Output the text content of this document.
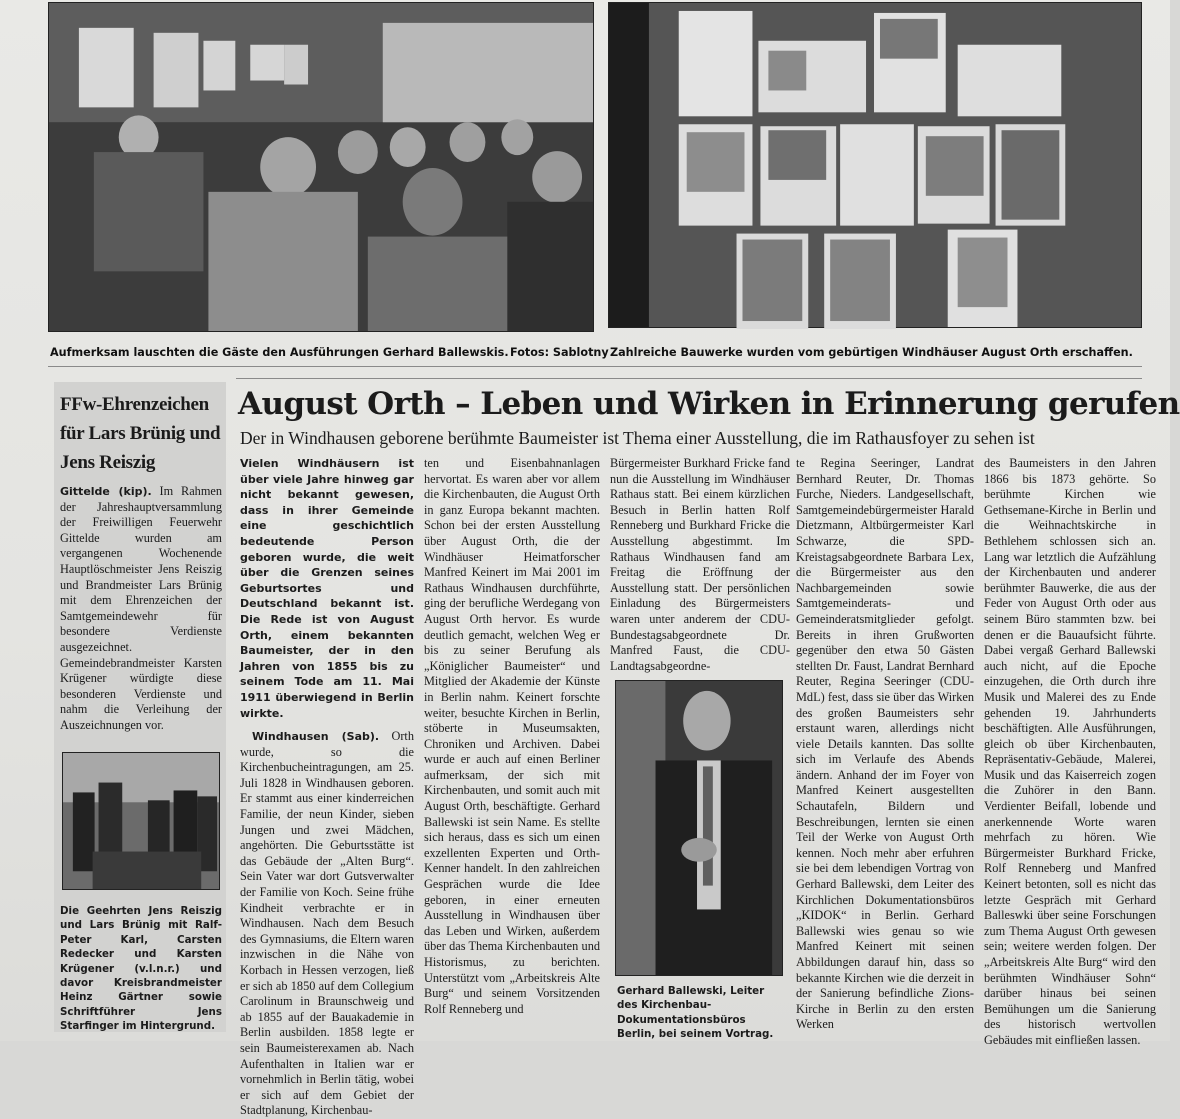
Aufmerksam lauschten die Gäste den Ausführungen Gerhard Ballewskis. Fotos: Sablotny Zahlreiche Bauwerke wurden vom gebürtigen Windhäuser August Orth erschaffen.
FFw-Ehrenzeichen für Lars Brünig und Jens Reiszig

Gittelde (kip). Im Rahmen der Jahreshauptversammlung der Freiwilligen Feuerwehr Gittelde wurden am vergangenen Wochenende Hauptlöschmeister Jens Reiszig und Brandmeister Lars Brünig mit dem Ehrenzeichen der Samtgemeindewehr für besondere Verdienste ausgezeichnet. Gemeindebrandmeister Karsten Krügener würdigte diese besonderen Verdienste und nahm die Verleihung der Auszeichnungen vor.

Die Geehrten Jens Reiszig und Lars Brünig mit Ralf-Peter Karl, Carsten Redecker und Karsten Krügener (v.l.n.r.) und davor Kreisbrandmeister Heinz Gärtner sowie Schriftführer Jens Starfinger im Hintergrund.
August Orth – Leben und Wirken in Erinnerung gerufen
Der in Windhausen geborene berühmte Baumeister ist Thema einer Ausstellung, die im Rathausfoyer zu sehen ist

Vielen Windhäusern ist über viele Jahre hinweg gar nicht bekannt gewesen, dass in ihrer Gemeinde eine geschichtlich bedeutende Person geboren wurde, die weit über die Grenzen seines Geburtsortes und Deutschland bekannt ist. Die Rede ist von August Orth, einem bekannten Baumeister, der in den Jahren von 1855 bis zu seinem Tode am 11. Mai 1911 überwiegend in Berlin wirkte.

Windhausen (Sab). Orth wurde, so die Kirchenbucheintragungen, am 25. Juli 1828 in Windhausen geboren. Er stammt aus einer kinderreichen Familie, der neun Kinder, sieben Jungen und zwei Mädchen, angehörten. Die Geburtsstätte ist das Gebäude der „Alten Burg“. Sein Vater war dort Gutsverwalter der Familie von Koch. Seine frühe Kindheit verbrachte er in Windhausen. Nach dem Besuch des Gymnasiums, die Eltern waren inzwischen in die Nähe von Korbach in Hessen verzogen, ließ er sich ab 1850 auf dem Collegium Carolinum in Braunschweig und ab 1855 auf der Bauakademie in Berlin ausbilden. 1858 legte er sein Baumeisterexamen ab. Nach Aufenthalten in Italien war er vornehmlich in Berlin tätig, wobei er sich auf dem Gebiet der Stadtplanung, Kirchenbau-

ten und Eisenbahnanlagen hervortat. Es waren aber vor allem die Kirchenbauten, die August Orth in ganz Europa bekannt machten. Schon bei der ersten Ausstellung über August Orth, die der Windhäuser Heimatforscher Manfred Keinert im Mai 2001 im Rathaus Windhausen durchführte, ging der berufliche Werdegang von August Orth hervor. Es wurde deutlich gemacht, welchen Weg er bis zu seiner Berufung als „Königlicher Baumeister“ und Mitglied der Akademie der Künste in Berlin nahm. Keinert forschte weiter, besuchte Kirchen in Berlin, stöberte in Museumsakten, Chroniken und Archiven. Dabei wurde er auch auf einen Berliner aufmerksam, der sich mit Kirchenbauten, und somit auch mit August Orth, beschäftigte. Gerhard Ballewski ist sein Name. Es stellte sich heraus, dass es sich um einen exzellenten Experten und Orth-Kenner handelt. In den zahlreichen Gesprächen wurde die Idee geboren, in einer erneuten Ausstellung in Windhausen über das Leben und Wirken, außerdem über das Thema Kirchenbauten und Historismus, zu berichten. Unterstützt vom „Arbeitskreis Alte Burg“ und seinem Vorsitzenden Rolf Renneberg und

Bürgermeister Burkhard Fricke fand nun die Ausstellung im Windhäuser Rathaus statt. Bei einem kürzlichen Besuch in Berlin hatten Rolf Renneberg und Burkhard Fricke die Ausstellung abgestimmt. Im Rathaus Windhausen fand am Freitag die Eröffnung der Ausstellung statt. Der persönlichen Einladung des Bürgermeisters waren unter anderem der CDU-Bundestagsabgeordnete Dr. Manfred Faust, die CDU-Landtagsabgeordne-

Gerhard Ballewski, Leiter des Kirchenbau-Dokumentationsbüros Berlin, bei seinem Vortrag.

te Regina Seeringer, Landrat Bernhard Reuter, Dr. Thomas Furche, Nieders. Landgesellschaft, Samtgemeindebürgermeister Harald Dietzmann, Altbürgermeister Karl Schwarze, die SPD-Kreistagsabgeordnete Barbara Lex, die Bürgermeister aus den Nachbargemeinden sowie Samtgemeinderats- und Gemeinderatsmitglieder gefolgt. Bereits in ihren Grußworten gegenüber den etwa 50 Gästen stellten Dr. Faust, Landrat Bernhard Reuter, Regina Seeringer (CDU-MdL) fest, dass sie über das Wirken des großen Baumeisters sehr erstaunt waren, allerdings nicht viele Details kannten. Das sollte sich im Verlaufe des Abends ändern. Anhand der im Foyer von Manfred Keinert ausgestellten Schautafeln, Bildern und Beschreibungen, lernten sie einen Teil der Werke von August Orth kennen. Noch mehr aber erfuhren sie bei dem lebendigen Vortrag von Gerhard Ballewski, dem Leiter des Kirchlichen Dokumentationsbüros „KIDOK“ in Berlin. Gerhard Ballewski wies genau so wie Manfred Keinert mit seinen Abbildungen darauf hin, dass so bekannte Kirchen wie die derzeit in der Sanierung befindliche Zions-Kirche in Berlin zu den ersten Werken

des Baumeisters in den Jahren 1866 bis 1873 gehörte. So berühmte Kirchen wie Gethsemane-Kirche in Berlin und die Weihnachtskirche in Bethlehem schlossen sich an. Lang war letztlich die Aufzählung der Kirchenbauten und anderer berühmter Bauwerke, die aus der Feder von August Orth oder aus seinem Büro stammten bzw. bei denen er die Bauaufsicht führte. Dabei vergaß Gerhard Ballewski auch nicht, auf die Epoche einzugehen, die Orth durch ihre Musik und Malerei des zu Ende gehenden 19. Jahrhunderts beschäftigten. Alle Ausführungen, gleich ob über Kirchenbauten, Repräsentativ-Gebäude, Malerei, Musik und das Kaiserreich zogen die Zuhörer in den Bann. Verdienter Beifall, lobende und anerkennende Worte waren mehrfach zu hören. Wie Bürgermeister Burkhard Fricke, Rolf Renneberg und Manfred Keinert betonten, soll es nicht das letzte Gespräch mit Gerhard Balleswki über seine Forschungen zum Thema August Orth gewesen sein; weitere werden folgen. Der „Arbeitskreis Alte Burg“ wird den berühmten Windhäuser Sohn“ darüber hinaus bei seinen Bemühungen um die Sanierung des historisch wertvollen Gebäudes mit einfließen lassen.
